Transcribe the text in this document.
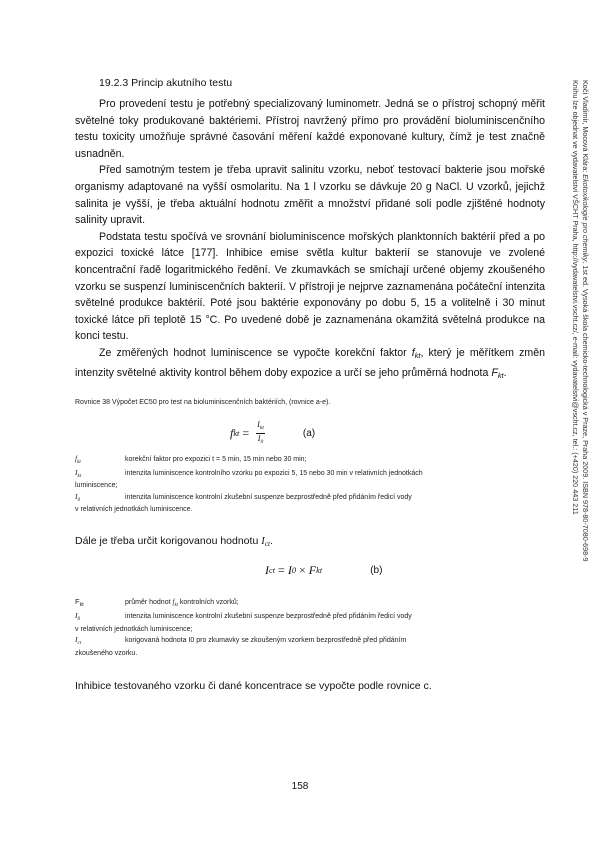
19.2.3 Princip akutního testu

Pro provedení testu je potřebný specializovaný luminometr. Jedná se o přístroj schopný měřit světelné toky produkované baktériemi. Přístroj navržený přímo pro provádění bioluminiscenčního testu toxicity umožňuje správné časování měření každé exponované kultury, čímž je test značně usnadněn.

Před samotným testem je třeba upravit salinitu vzorku, neboť testovací bakterie jsou mořské organismy adaptované na vyšší osmolaritu. Na 1 l vzorku se dávkuje 20 g NaCl. U vzorků, jejichž salinita je vyšší, je třeba aktuální hodnotu změřit a množství přidané soli podle zjištěné hodnoty salinity upravit.

Podstata testu spočívá ve srovnání bioluminiscence mořských planktonních baktérií před a po expozici toxické látce [177]. Inhibice emise světla kultur bakterií se stanovuje ve zvolené koncentrační řadě logaritmického ředění. Ve zkumavkách se smíchají určené objemy zkoušeného vzorku se suspenzí luminiscenčních bakterií. V přístroji je nejprve zaznamenána počáteční intenzita světelné produkce baktérií. Poté jsou baktérie exponovány po dobu 5, 15 a volitelně i 30 minut toxické látce při teplotě 15 °C. Po uvedené době je zaznamenána okamžitá světelná produkce na konci testu.

Ze změřených hodnot luminiscence se vypočte korekční faktor $f_{kt}$, který je měřítkem změn intenzity světelné aktivity kontrol během doby expozice a určí se jeho průměrná hodnota $F_{kt}$.

Rovnice 38 Výpočet EC50 pro test na bioluminiscenčních baktériích, (rovnice a-e).
f kt = $\frac{I_{kt}}{I_0}$	(a)
$f_{kt}$	korekční faktor pro expozici t = 5 min, 15 min nebo 30 min;
$I_{kt}$	intenzita luminiscence kontrolního vzorku po expozici 5, 15 nebo 30 min v relativních jednotkách
luminiscence;
$I_0$	intenzita luminiscence kontrolní zkušební suspenze bezprostředně před přidáním ředicí vody
v relativních jednotkách luminiscence.
Dále je třeba určit korigovanou hodnotu $I_{ct}$.
I ct = I 0 × F kt	(b)
$F_{kt}$	průměr hodnot $f_{kt}$ kontrolních vzorků;
$I_0$	intenzita luminiscence kontrolní zkušební suspenze bezprostředně před přidáním ředicí vody
v relativních jednotkách luminiscence;
$I_{ct}$	korigovaná hodnota I0 pro zkumavky se zkoušeným vzorkem bezprostředně před přidáním
zkoušeného vzorku.
Inhibice testovaného vzorku či dané koncentrace se vypočte podle rovnice c.
158
Kočí Vladimír, Mocová Klára: Ekotoxikologie pro chemiky. 1st ed. Vysoká škola chemicko-technologická v Praze, Praha 2009. ISBN 978-80-7080-698-9
Knihu lze objednat ve vydavatelství VŠCHT Praha, http://vydavatelstvi.vscht.cz/, e-mail: vydavatelstvi@vscht.cz, tel.: (+420) 220 443 211
